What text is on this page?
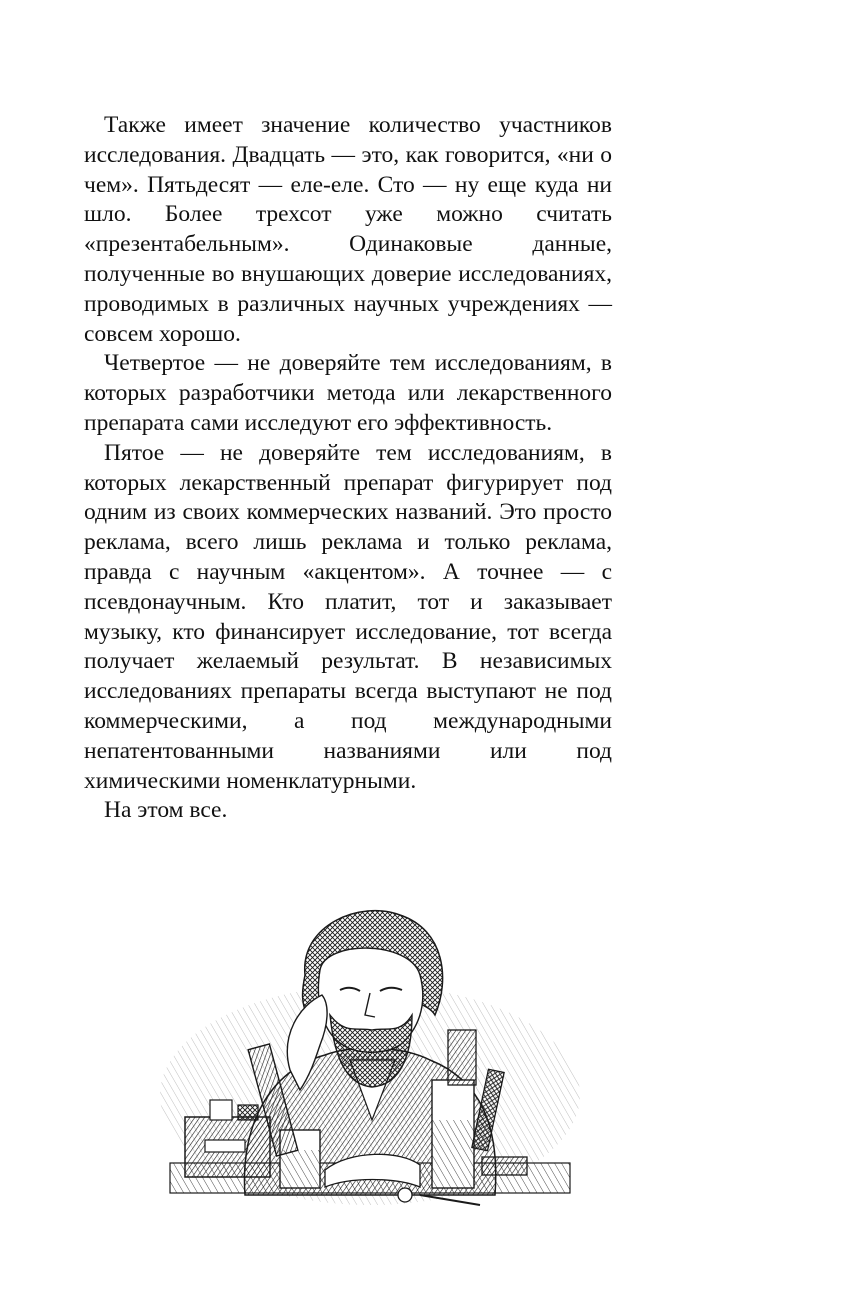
Также имеет значение количество участников исследования. Двадцать — это, как говорится, «ни о чем». Пятьдесят — еле-еле. Сто — ну еще куда ни шло. Более трехсот уже можно считать «презентабельным». Одинаковые данные, полученные во внушающих доверие исследованиях, проводимых в различных научных учреждениях — совсем хорошо.

Четвертое — не доверяйте тем исследованиям, в которых разработчики метода или лекарственного препарата сами исследуют его эффективность.

Пятое — не доверяйте тем исследованиям, в которых лекарственный препарат фигурирует под одним из своих коммерческих названий. Это просто реклама, всего лишь реклама и только реклама, правда с научным «акцентом». А точнее — с псевдонаучным. Кто платит, тот и заказывает музыку, кто финансирует исследование, тот всегда получает желаемый результат. В независимых исследованиях препараты всегда выступают не под коммерческими, а под международными непатентованными названиями или под химическими номенклатурными.

На этом все.
